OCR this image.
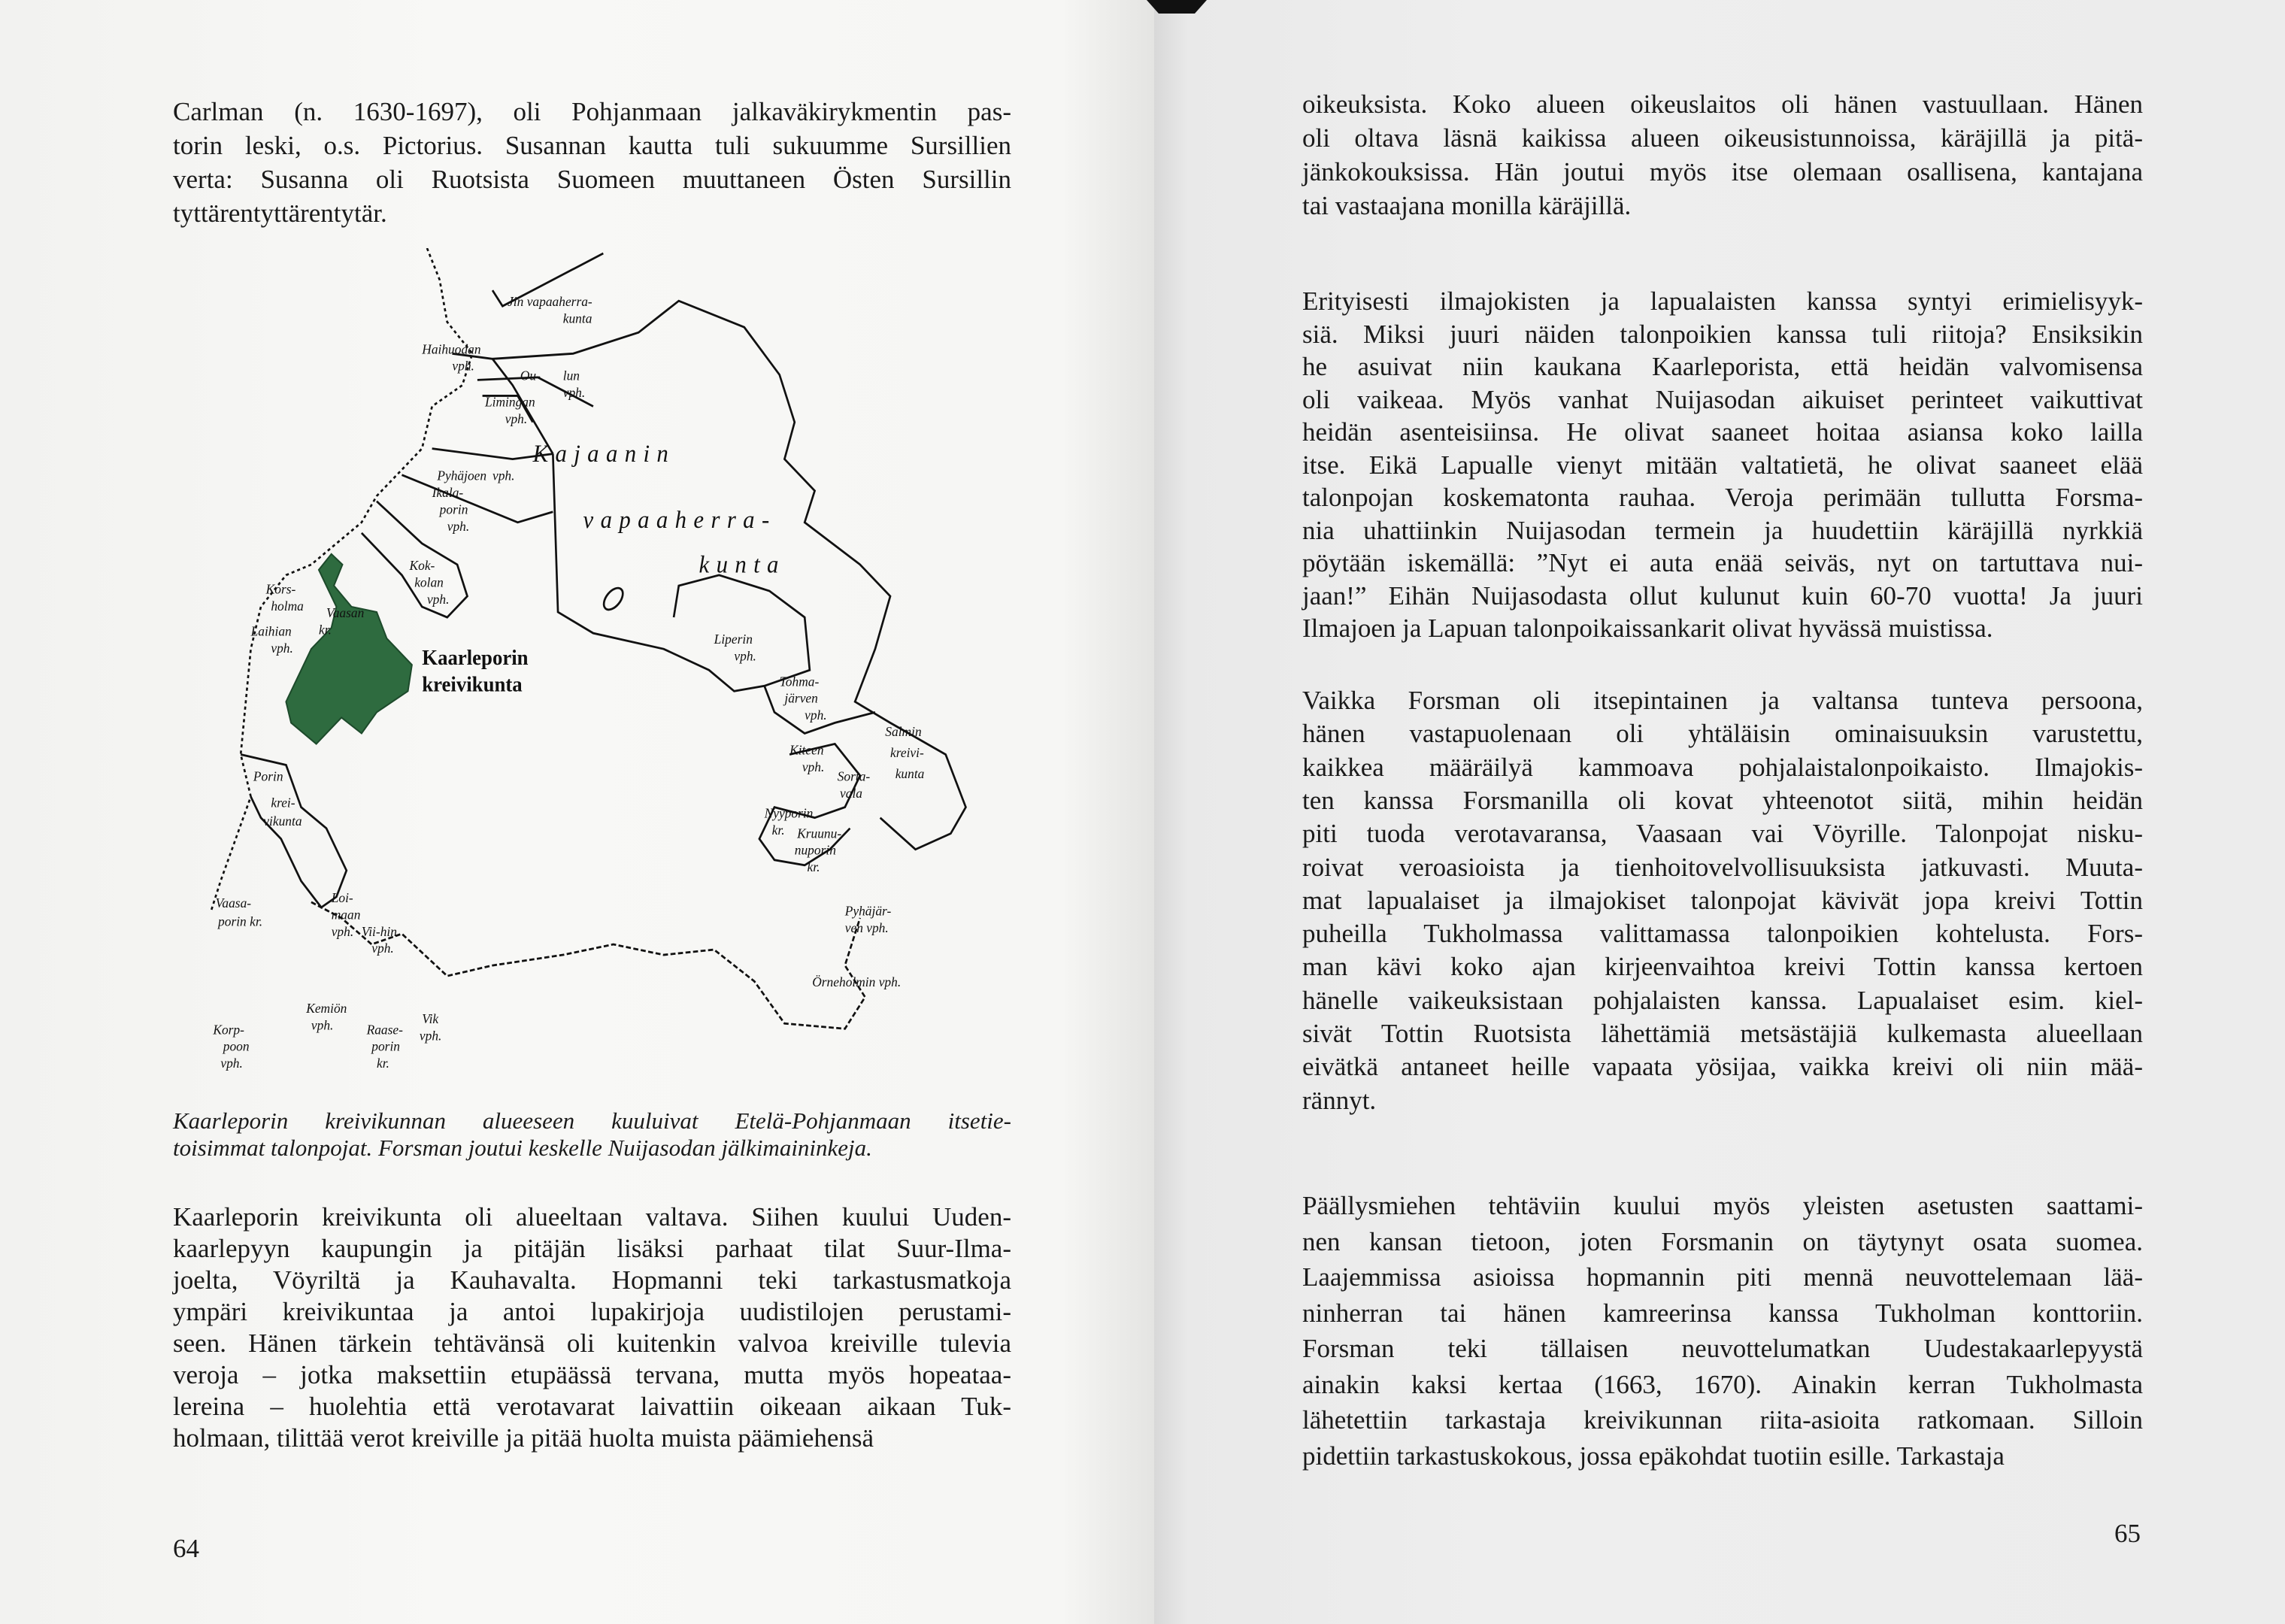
Carlman (n. 1630-1697), oli Pohjanmaan jalkaväkirykmentin pas-
torin leski, o.s. Pictorius. Susannan kautta tuli sukuumme Sursillien
verta: Susanna oli Ruotsista Suomeen muuttaneen Östen Sursillin
tyttärentyttärentytär.
Kaarleporin kreivikunnan alueeseen kuuluivat Etelä-Pohjanmaan itsetie-
toisimmat talonpojat. Forsman joutui keskelle Nuijasodan jälkimaininkeja.
Kaarleporin kreivikunta oli alueeltaan valtava. Siihen kuului Uuden-
kaarlepyyn kaupungin ja pitäjän lisäksi parhaat tilat Suur-Ilma-
joelta, Vöyriltä ja Kauhavalta. Hopmanni teki tarkastusmatkoja
ympäri kreivikuntaa ja antoi lupakirjoja uudistilojen perustami-
seen. Hänen tärkein tehtävänsä oli kuitenkin valvoa kreiville tulevia
veroja – jotka maksettiin etupäässä tervana, mutta myös hopeataa-
lereina – huolehtia että verotavarat laivattiin oikeaan aikaan Tuk-
holmaan, tilittää verot kreiville ja pitää huolta muista päämiehensä
oikeuksista. Koko alueen oikeuslaitos oli hänen vastuullaan. Hänen
oli oltava läsnä kaikissa alueen oikeusistunnoissa, käräjillä ja pitä-
jänkokouksissa. Hän joutui myös itse olemaan osallisena, kantajana
tai vastaajana monilla käräjillä.
Erityisesti ilmajokisten ja lapualaisten kanssa syntyi erimielisyyk-
siä. Miksi juuri näiden talonpoikien kanssa tuli riitoja? Ensiksikin
he asuivat niin kaukana Kaarleporista, että heidän valvomisensa
oli vaikeaa. Myös vanhat Nuijasodan aikuiset perinteet vaikuttivat
heidän asenteisiinsa. He olivat saaneet hoitaa asiansa koko lailla
itse. Eikä Lapualle vienyt mitään valtatietä, he olivat saaneet elää
talonpojan koskematonta rauhaa. Veroja perimään tullutta Forsma-
nia uhattiinkin Nuijasodan termein ja huudettiin käräjillä nyrkkiä
pöytään iskemällä: ”Nyt ei auta enää seiväs, nyt on tartuttava nui-
jaan!” Eihän Nuijasodasta ollut kulunut kuin 60-70 vuotta! Ja juuri
Ilmajoen ja Lapuan talonpoikaissankarit olivat hyvässä muistissa.
Vaikka Forsman oli itsepintainen ja valtansa tunteva persoona,
hänen vastapuolenaan oli yhtäläisin ominaisuuksin varustettu,
kaikkea määräilyä kammoava pohjalaistalonpoikaisto. Ilmajokis-
ten kanssa Forsmanilla oli kovat yhteenotot siitä, mihin heidän
piti tuoda verotavaransa, Vaasaan vai Vöyrille. Talonpojat nisku-
roivat veroasioista ja tienhoitovelvollisuuksista jatkuvasti. Muuta-
mat lapualaiset ja ilmajokiset talonpojat kävivät jopa kreivi Tottin
puheilla Tukholmassa valittamassa talonpoikien kohtelusta. Fors-
man kävi koko ajan kirjeenvaihtoa kreivi Tottin kanssa kertoen
hänelle vaikeuksistaan pohjalaisten kanssa. Lapualaiset esim. kiel-
sivät Tottin Ruotsista lähettämiä metsästäjiä kulkemasta alueellaan
eivätkä antaneet heille vapaata yösijaa, vaikka kreivi oli niin mää-
rännyt.
Päällysmiehen tehtäviin kuului myös yleisten asetusten saattami-
nen kansan tietoon, joten Forsmanin on täytynyt osata suomea.
Laajemmissa asioissa hopmannin piti mennä neuvottelemaan lää-
ninherran tai hänen kamreerinsa kanssa Tukholman konttoriin.
Forsman teki tällaisen neuvottelumatkan Uudestakaarlepyystä
ainakin kaksi kertaa (1663, 1670). Ainakin kerran Tukholmasta
lähetettiin tarkastaja kreivikunnan riita-asioita ratkomaan. Silloin
pidettiin tarkastuskokous, jossa epäkohdat tuotiin esille. Tarkastaja
64
65
Jin vapaaherra-
kunta
Haihuodan
vph.
Ou- lun
vph.
Limingan
vph.
Kajaanin
vapaaherra-
kunta
Pyhäjoen vph.
Ikala-
porin
vph.
Kok-
kolan
vph.
Kors-
holma Vaasan
kr.
Laihian
vph.
Liperin
vph.
Tohma-
järven
vph.
Salmin
kreivi-
kunta
Kiteen
vph.
Sorta-
vala
Nyyporin
kr. Kruunu-
nuporin
kr.
Porin
krei-
vikunta
Vaasa-
porin kr.
Loi-
maan
vph. Vii-hin
vph.
Pyhäjär-
ven vph.
Örneholmin vph.
Kemiön
vph.
Korp-
poon
vph.
Raase-
porin
kr.
Vik
vph.
Kaarleporin
kreivikunta
